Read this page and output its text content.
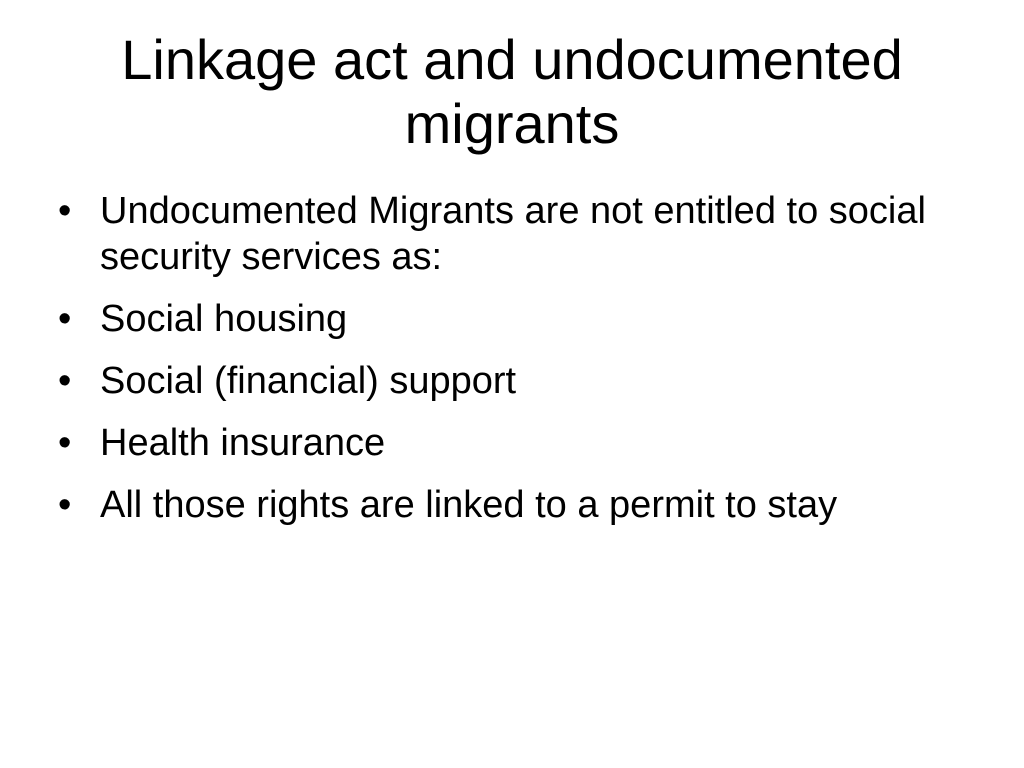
Linkage act and undocumented migrants
• Undocumented Migrants are not entitled to social security services as:
• Social housing
• Social (financial) support
• Health insurance
• All those rights are linked to a permit to stay
